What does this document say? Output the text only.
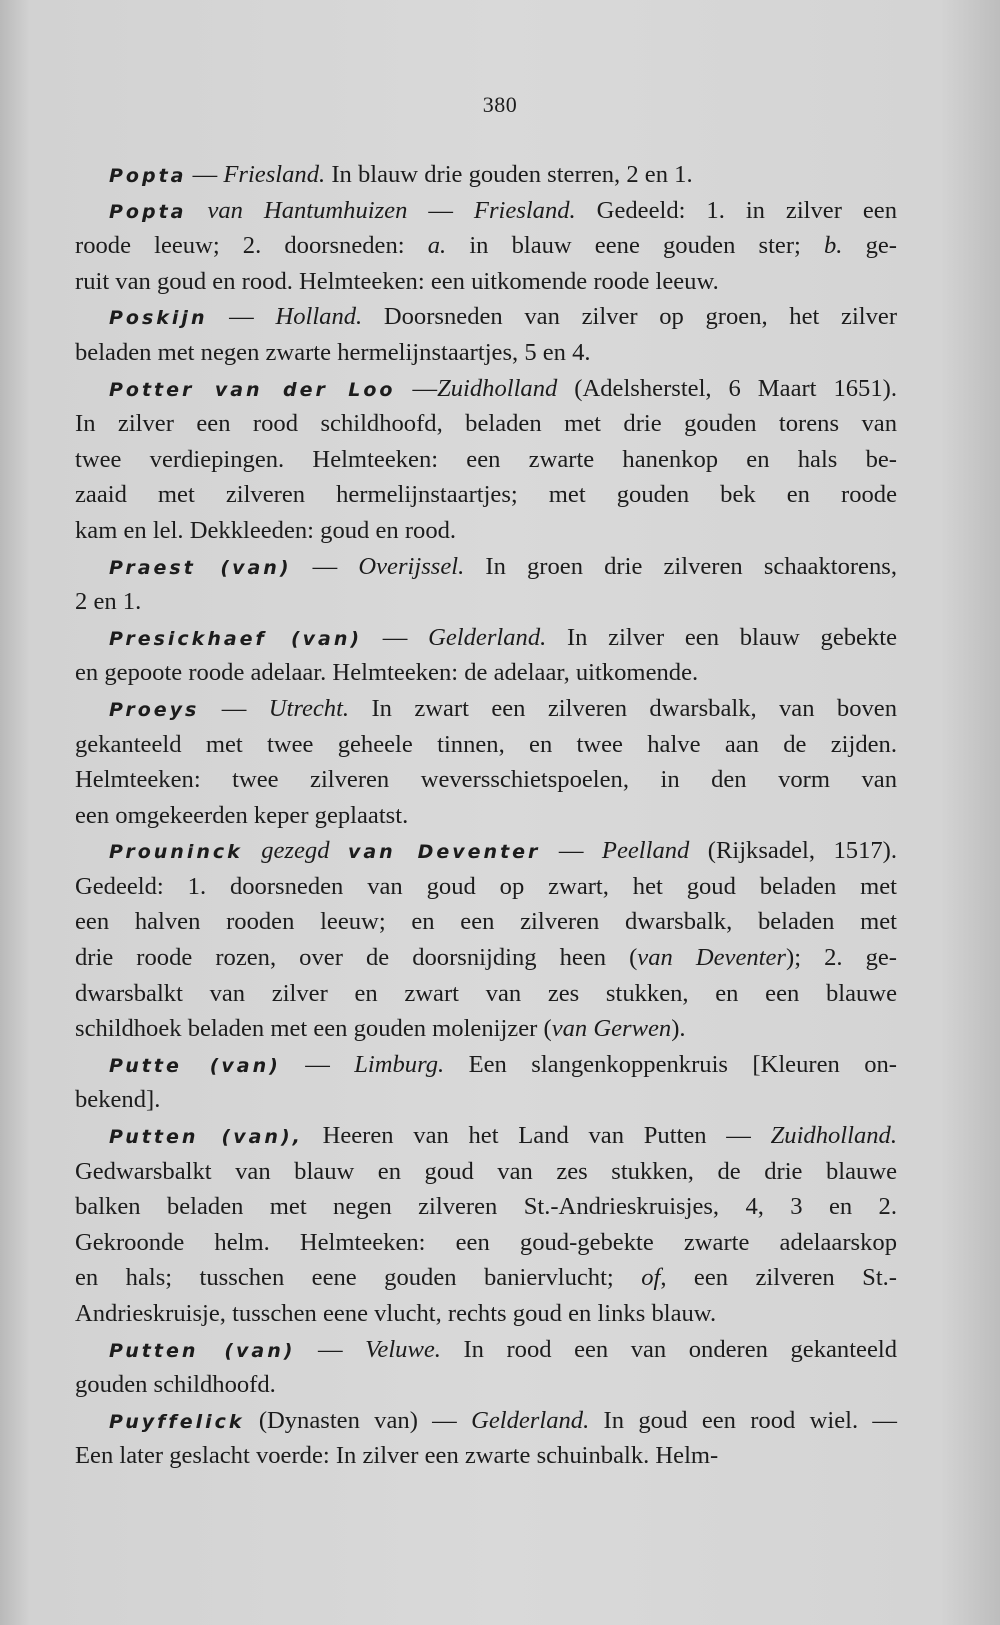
380
Popta — Friesland. In blauw drie gouden sterren, 2 en 1.
Popta van Hantumhuizen — Friesland. Gedeeld: 1. in zilver een
roode leeuw; 2. doorsneden: a. in blauw eene gouden ster; b. ge-
ruit van goud en rood. Helmteeken: een uitkomende roode leeuw.
Poskijn — Holland. Doorsneden van zilver op groen, het zilver
beladen met negen zwarte hermelijnstaartjes, 5 en 4.
Potter van der Loo —Zuidholland (Adelsherstel, 6 Maart 1651).
In zilver een rood schildhoofd, beladen met drie gouden torens van
twee verdiepingen. Helmteeken: een zwarte hanenkop en hals be-
zaaid met zilveren hermelijnstaartjes; met gouden bek en roode
kam en lel. Dekkleeden: goud en rood.
Praest (van) — Overijssel. In groen drie zilveren schaaktorens,
2 en 1.
Presickhaef (van) — Gelderland. In zilver een blauw gebekte
en gepoote roode adelaar. Helmteeken: de adelaar, uitkomende.
Proeys — Utrecht. In zwart een zilveren dwarsbalk, van boven
gekanteeld met twee geheele tinnen, en twee halve aan de zijden.
Helmteeken: twee zilveren weversschietspoelen, in den vorm van
een omgekeerden keper geplaatst.
Prouninck gezegd van Deventer — Peelland (Rijksadel, 1517).
Gedeeld: 1. doorsneden van goud op zwart, het goud beladen met
een halven rooden leeuw; en een zilveren dwarsbalk, beladen met
drie roode rozen, over de doorsnijding heen (van Deventer); 2. ge-
dwarsbalkt van zilver en zwart van zes stukken, en een blauwe
schildhoek beladen met een gouden molenijzer (van Gerwen).
Putte (van) — Limburg. Een slangenkoppenkruis [Kleuren on-
bekend].
Putten (van), Heeren van het Land van Putten — Zuidholland.
Gedwarsbalkt van blauw en goud van zes stukken, de drie blauwe
balken beladen met negen zilveren St.-Andrieskruisjes, 4, 3 en 2.
Gekroonde helm. Helmteeken: een goud-gebekte zwarte adelaarskop
en hals; tusschen eene gouden baniervlucht; of, een zilveren St.-
Andrieskruisje, tusschen eene vlucht, rechts goud en links blauw.
Putten (van) — Veluwe. In rood een van onderen gekanteeld
gouden schildhoofd.
Puyffelick (Dynasten van) — Gelderland. In goud een rood wiel. —
Een later geslacht voerde: In zilver een zwarte schuinbalk. Helm-
